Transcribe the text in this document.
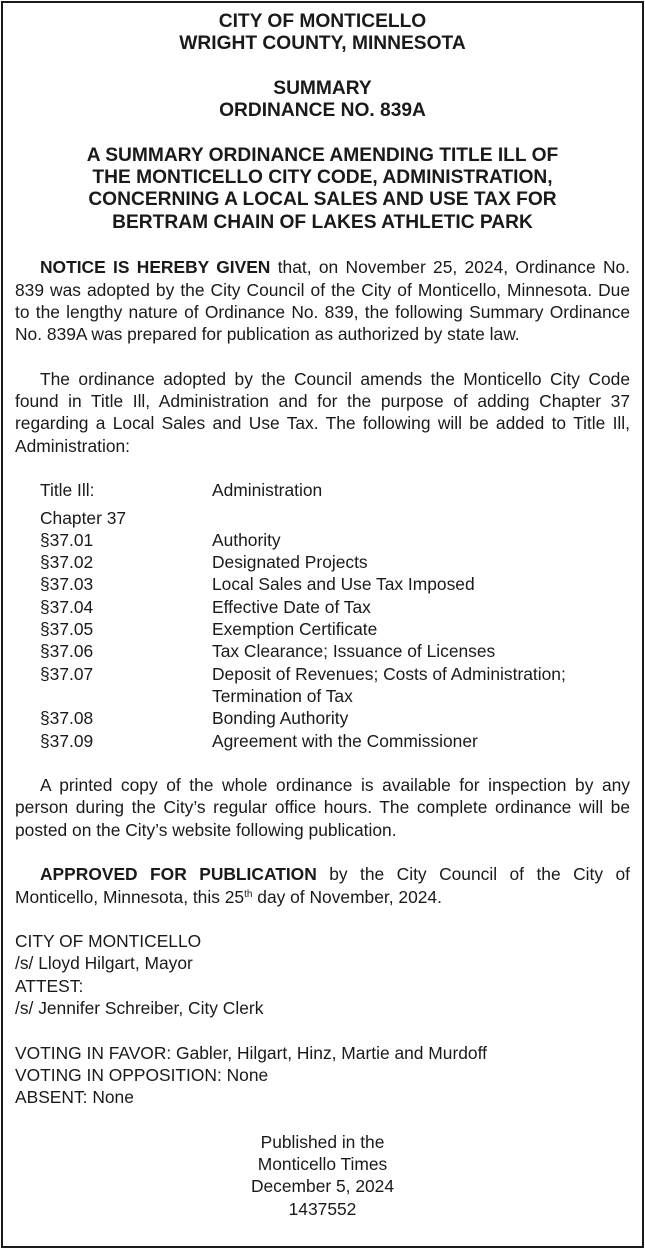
CITY OF MONTICELLO
WRIGHT COUNTY, MINNESOTA
SUMMARY
ORDINANCE NO. 839A
A SUMMARY ORDINANCE AMENDING TITLE ILL OF
THE MONTICELLO CITY CODE, ADMINISTRATION,
CONCERNING A LOCAL SALES AND USE TAX FOR
BERTRAM CHAIN OF LAKES ATHLETIC PARK

NOTICE IS HEREBY GIVEN that, on November 25, 2024, Ordinance No. 839 was adopted by the City Council of the City of Monticello, Minnesota. Due to the lengthy nature of Ordinance No. 839, the following Summary Ordinance No. 839A was prepared for publication as authorized by state law.

The ordinance adopted by the Council amends the Monticello City Code found in Title Ill, Administration and for the purpose of adding Chapter 37 regarding a Local Sales and Use Tax. The following will be added to Title Ill, Administration:

Title Ill:	Administration
Chapter 37
§37.01	Authority
§37.02	Designated Projects
§37.03	Local Sales and Use Tax Imposed
§37.04	Effective Date of Tax
§37.05	Exemption Certificate
§37.06	Tax Clearance; Issuance of Licenses
§37.07	Deposit of Revenues; Costs of Administration; Termination of Tax
§37.08	Bonding Authority
§37.09	Agreement with the Commissioner

A printed copy of the whole ordinance is available for inspection by any person during the City’s regular office hours. The complete ordinance will be posted on the City’s website following publication.

APPROVED FOR PUBLICATION by the City Council of the City of Monticello, Minnesota, this 25th day of November, 2024.

CITY OF MONTICELLO
/s/ Lloyd Hilgart, Mayor
ATTEST:
/s/ Jennifer Schreiber, City Clerk
VOTING IN FAVOR: Gabler, Hilgart, Hinz, Martie and Murdoff
VOTING IN OPPOSITION: None
ABSENT: None
Published in the
Monticello Times
December 5, 2024
1437552
